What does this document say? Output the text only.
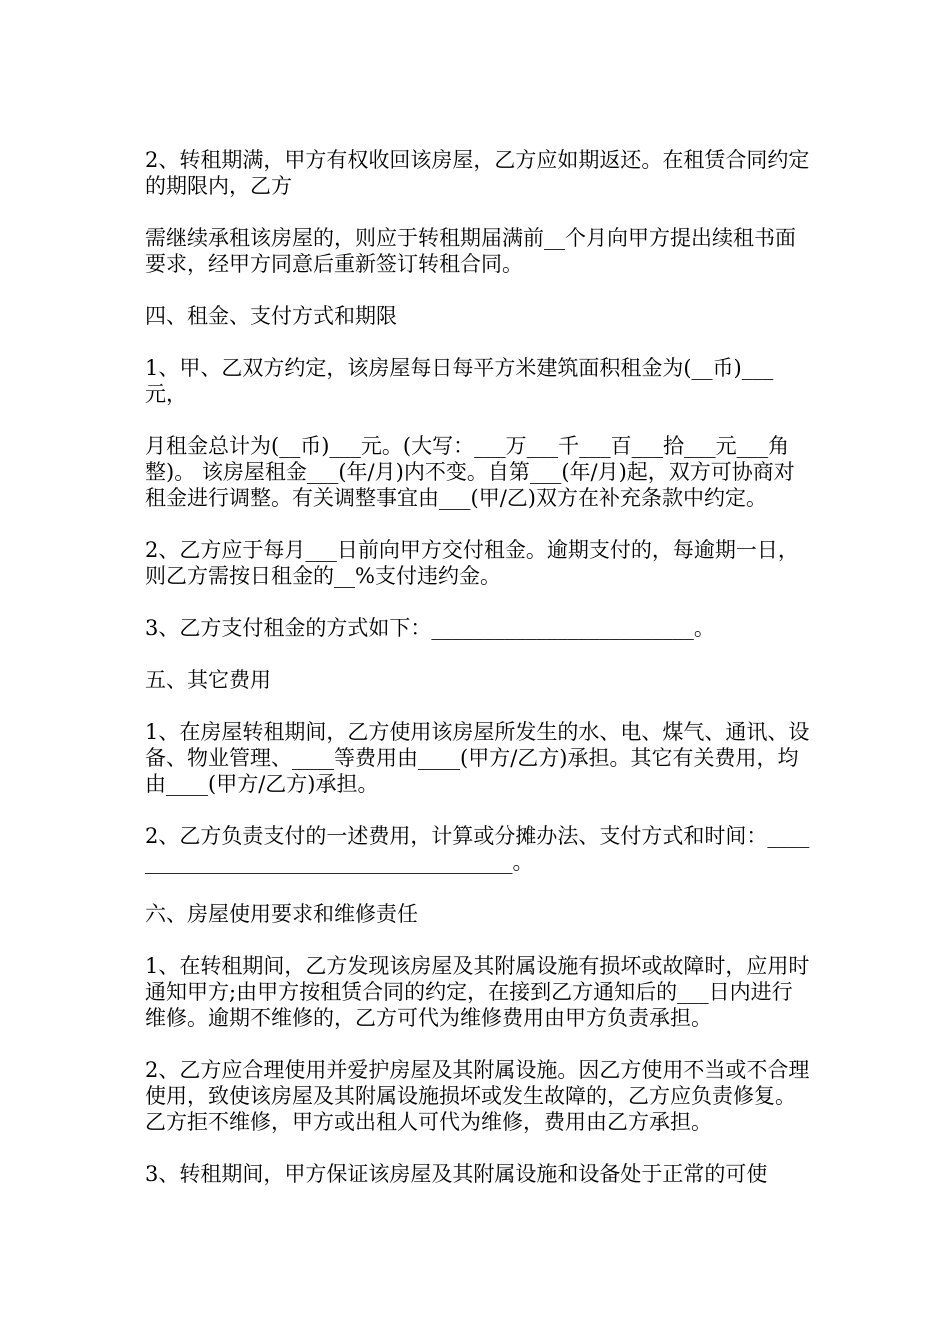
2、转租期满，甲方有权收回该房屋，乙方应如期返还。在租赁合同约定的期限内，乙方

需继续承租该房屋的，则应于转租期届满前__个月向甲方提出续租书面要求，经甲方同意后重新签订转租合同。

四、租金、支付方式和期限

1、甲、乙双方约定，该房屋每日每平方米建筑面积租金为(__币)___元，

月租金总计为(__币)___元。(大写：___万___千___百___拾___元___角整)。 该房屋租金___(年/月)内不变。自第___(年/月)起，双方可协商对租金进行调整。有关调整事宜由___(甲/乙)双方在补充条款中约定。

2、乙方应于每月___日前向甲方交付租金。逾期支付的，每逾期一日，则乙方需按日租金的__%支付违约金。

3、乙方支付租金的方式如下：_________________________。

五、其它费用

1、在房屋转租期间，乙方使用该房屋所发生的水、电、煤气、通讯、设备、物业管理、____等费用由____(甲方/乙方)承担。其它有关费用，均由____(甲方/乙方)承担。

2、乙方负责支付的一述费用，计算或分摊办法、支付方式和时间：_______________________________________。

六、房屋使用要求和维修责任

1、在转租期间，乙方发现该房屋及其附属设施有损坏或故障时，应用时通知甲方;由甲方按租赁合同的约定，在接到乙方通知后的___日内进行维修。逾期不维修的，乙方可代为维修费用由甲方负责承担。

2、乙方应合理使用并爱护房屋及其附属设施。因乙方使用不当或不合理使用，致使该房屋及其附属设施损坏或发生故障的，乙方应负责修复。乙方拒不维修，甲方或出租人可代为维修，费用由乙方承担。

3、转租期间，甲方保证该房屋及其附属设施和设备处于正常的可使
